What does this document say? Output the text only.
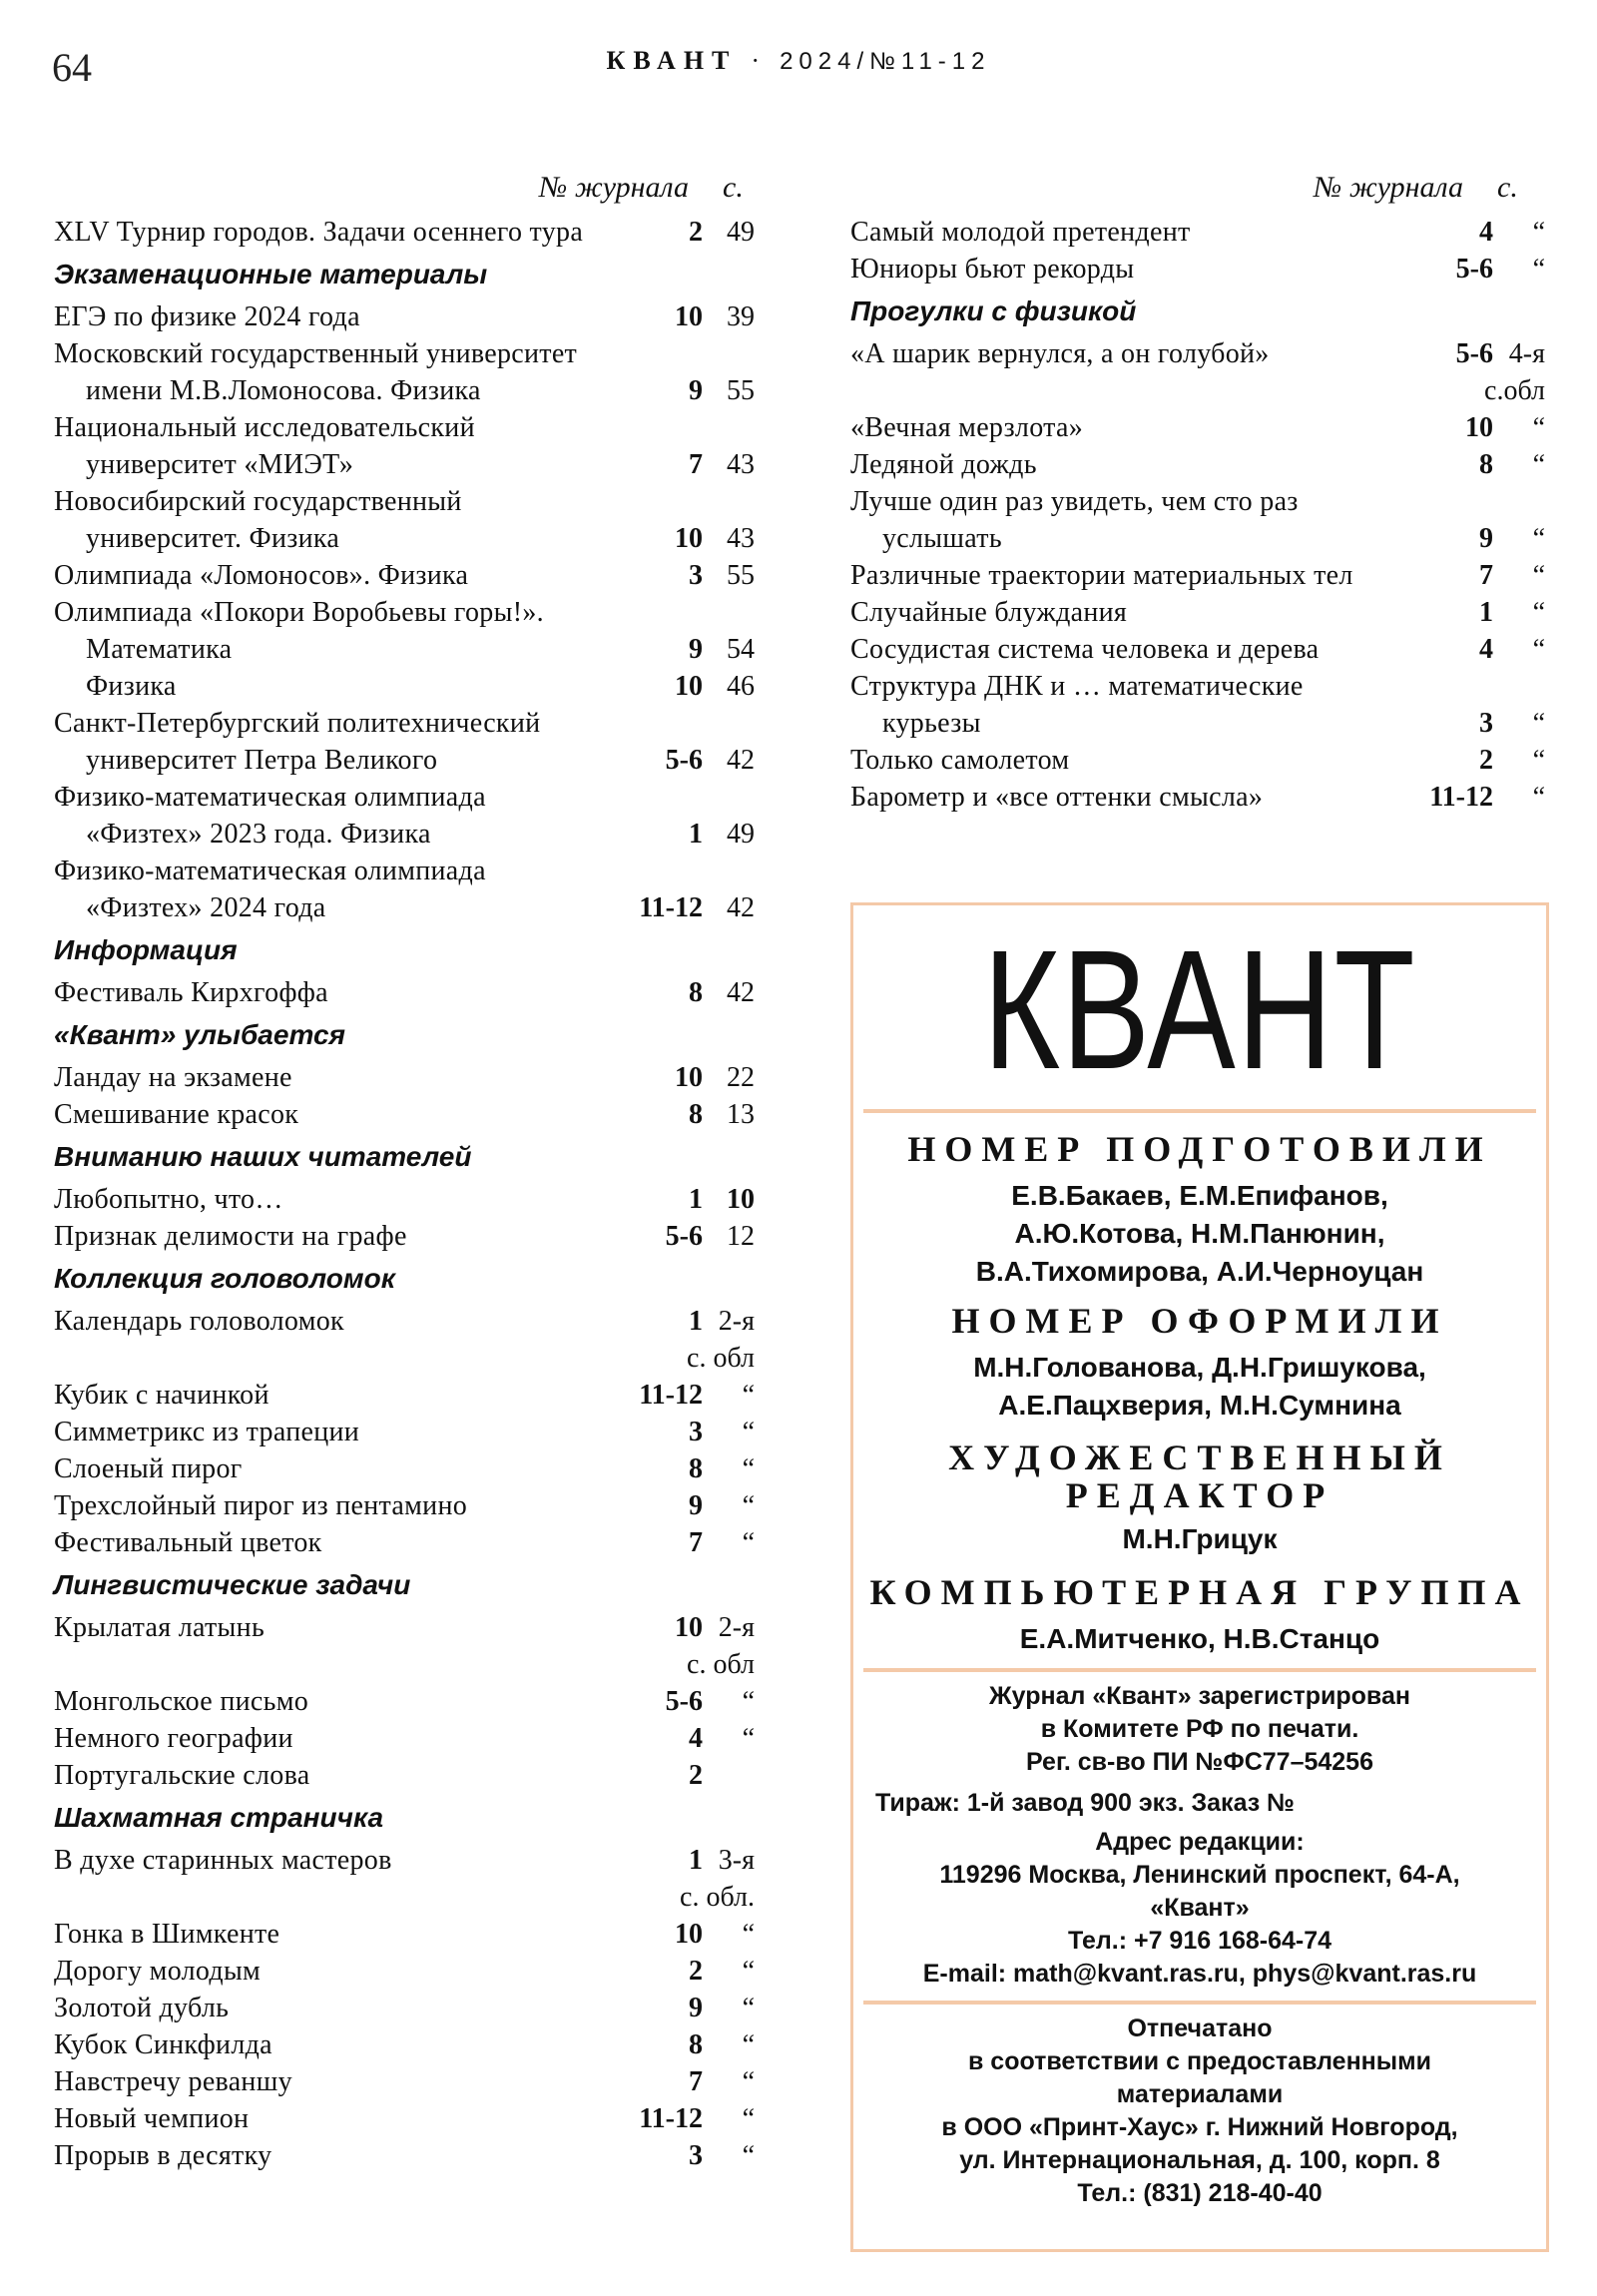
64	КВАНТ · 2024/№11-12
№ журнала	с.
XLV Турнир городов. Задачи осеннего тура	2 49
Экзаменационные материалы
ЕГЭ по физике 2024 года	10 39
Московский государственный университет
имени М.В.Ломоносова. Физика	9 55
Национальный исследовательский
университет «МИЭТ»	7 43
Новосибирский государственный
университет. Физика	10 43
Олимпиада «Ломоносов». Физика	3 55
Олимпиада «Покори Воробьевы горы!».
Математика	9 54
Физика	10 46
Санкт-Петербургский политехнический
университет Петра Великого	5-6 42
Физико-математическая олимпиада
«Физтех» 2023 года. Физика	1 49
Физико-математическая олимпиада
«Физтех» 2024 года	11-12 42
Информация
Фестиваль Кирхгоффа	8 42
«Квант» улыбается
Ландау на экзамене	10 22
Смешивание красок	8 13
Вниманию наших читателей
Любопытно, что…	1 10
Признак делимости на графе	5-6 12
Коллекция головоломок
Календарь головоломок	1 2-я
с. обл
Кубик с начинкой	11-12	“
Симметрикс из трапеции	3	“
Слоеный пирог	8	“
Трехслойный пирог из пентамино	9	“
Фестивальный цветок	7	“
Лингвистические задачи
Крылатая латынь	10 2-я
с. обл
Монгольское письмо	5-6	“
Немного географии	4	“
Португальские слова	2
Шахматная страничка
В духе старинных мастеров	1 3-я
с. обл.
Гонка в Шимкенте	10	“
Дорогу молодым	2	“
Золотой дубль	9	“
Кубок Синкфилда	8	“
Навстречу реваншу	7	“
Новый чемпион	11-12	“
Прорыв в десятку	3	“
№ журнала	с.
Самый молодой претендент	4	“
Юниоры бьют рекорды	5-6	“
Прогулки с физикой
«А шарик вернулся, а он голубой»	5-6 4-я
с.обл
«Вечная мерзлота»	10	“
Ледяной дождь	8	“
Лучше один раз увидеть, чем сто раз
услышать	9	“
Различные траектории материальных тел	7	“
Случайные блуждания	1	“
Сосудистая система человека и дерева	4	“
Структура ДНК и … математические
курьезы	3	“
Только самолетом	2	“
Барометр и «все оттенки смысла»	11-12	“
КВАНТ
НОМЕР ПОДГОТОВИЛИ
Е.В.Бакаев, Е.М.Епифанов,
А.Ю.Котова, Н.М.Панюнин,
В.А.Тихомирова, А.И.Черноуцан
НОМЕР ОФОРМИЛИ
М.Н.Голованова, Д.Н.Гришукова,
А.Е.Пацхверия, М.Н.Сумнина
ХУДОЖЕСТВЕННЫЙ
РЕДАКТОР
М.Н.Грицук
КОМПЬЮТЕРНАЯ ГРУППА
Е.А.Митченко, Н.В.Станцо
Журнал «Квант» зарегистрирован
в Комитете РФ по печати.
Рег. св-во ПИ №ФС77–54256
Тираж: 1-й завод 900 экз. Заказ №
Адрес редакции:
119296 Москва, Ленинский проспект, 64-А,
«Квант»
Тел.: +7 916 168-64-74
E-mail: math@kvant.ras.ru, phys@kvant.ras.ru
Отпечатано
в соответствии с предоставленными
материалами
в ООО «Принт-Хаус» г. Нижний Новгород,
ул. Интернациональная, д. 100, корп. 8
Тел.: (831) 218-40-40
